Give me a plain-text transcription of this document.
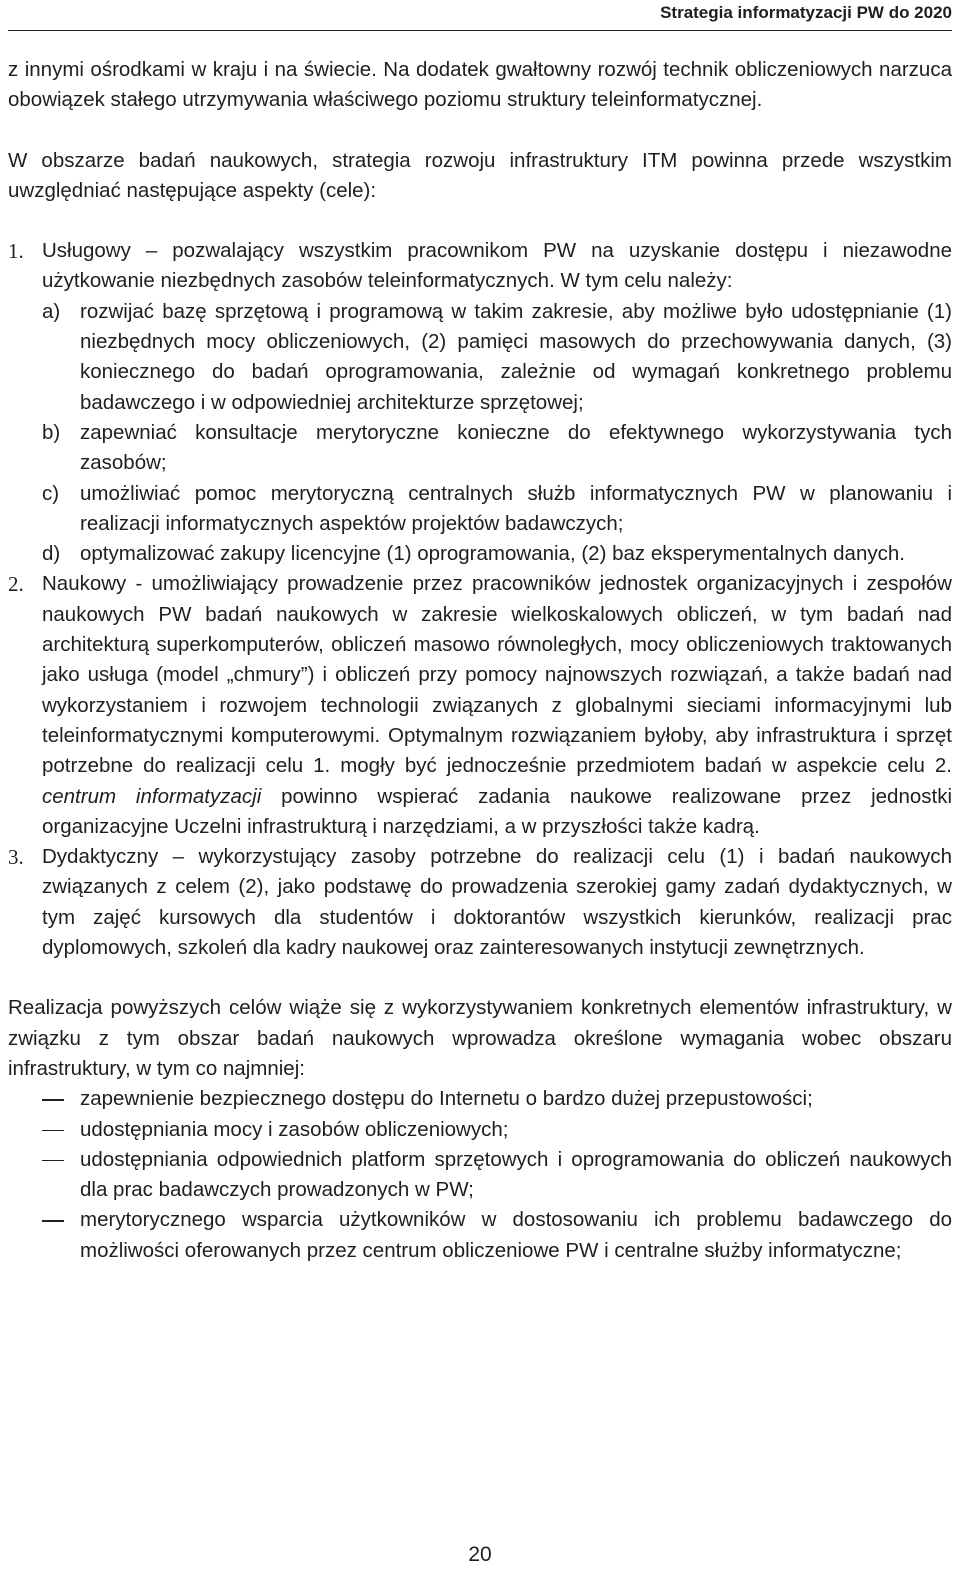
Strategia informatyzacji PW do 2020

z innymi ośrodkami w kraju i na świecie. Na dodatek gwałtowny rozwój technik obliczeniowych narzuca obowiązek stałego utrzymywania właściwego poziomu struktury teleinformatycznej.

W obszarze badań naukowych, strategia rozwoju infrastruktury ITM powinna przede wszystkim uwzględniać następujące aspekty (cele):

1. Usługowy – pozwalający wszystkim pracownikom PW na uzyskanie dostępu i niezawodne użytkowanie niezbędnych zasobów teleinformatycznych. W tym celu należy:
a) rozwijać bazę sprzętową i programową w takim zakresie, aby możliwe było udostępnianie (1) niezbędnych mocy obliczeniowych, (2) pamięci masowych do przechowywania danych, (3) koniecznego do badań oprogramowania, zależnie od wymagań konkretnego problemu badawczego i w odpowiedniej architekturze sprzętowej;
b) zapewniać konsultacje merytoryczne konieczne do efektywnego wykorzystywania tych zasobów;
c) umożliwiać pomoc merytoryczną centralnych służb informatycznych PW w planowaniu i realizacji informatycznych aspektów projektów badawczych;
d) optymalizować zakupy licencyjne (1) oprogramowania, (2) baz eksperymentalnych danych.
2. Naukowy - umożliwiający prowadzenie przez pracowników jednostek organizacyjnych i zespołów naukowych PW badań naukowych w zakresie wielkoskalowych obliczeń, w tym badań nad architekturą superkomputerów, obliczeń masowo równoległych, mocy obliczeniowych traktowanych jako usługa (model „chmury”) i obliczeń przy pomocy najnowszych rozwiązań, a także badań nad wykorzystaniem i rozwojem technologii związanych z globalnymi sieciami informacyjnymi lub teleinformatycznymi komputerowymi. Optymalnym rozwiązaniem byłoby, aby infrastruktura i sprzęt potrzebne do realizacji celu 1. mogły być jednocześnie przedmiotem badań w aspekcie celu 2. centrum informatyzacji powinno wspierać zadania naukowe realizowane przez jednostki organizacyjne Uczelni infrastrukturą i narzędziami, a w przyszłości także kadrą.
3. Dydaktyczny – wykorzystujący zasoby potrzebne do realizacji celu (1) i badań naukowych związanych z celem (2), jako podstawę do prowadzenia szerokiej gamy zadań dydaktycznych, w tym zajęć kursowych dla studentów i doktorantów wszystkich kierunków, realizacji prac dyplomowych, szkoleń dla kadry naukowej oraz zainteresowanych instytucji zewnętrznych.

Realizacja powyższych celów wiąże się z wykorzystywaniem konkretnych elementów infrastruktury, w związku z tym obszar badań naukowych wprowadza określone wymagania wobec obszaru infrastruktury, w tym co najmniej:

zapewnienie bezpiecznego dostępu do Internetu o bardzo dużej przepustowości;
udostępniania mocy i zasobów obliczeniowych;
udostępniania odpowiednich platform sprzętowych i oprogramowania do obliczeń naukowych dla prac badawczych prowadzonych w PW;
merytorycznego wsparcia użytkowników w dostosowaniu ich problemu badawczego do możliwości oferowanych przez centrum obliczeniowe PW i centralne służby informatyczne;
20
